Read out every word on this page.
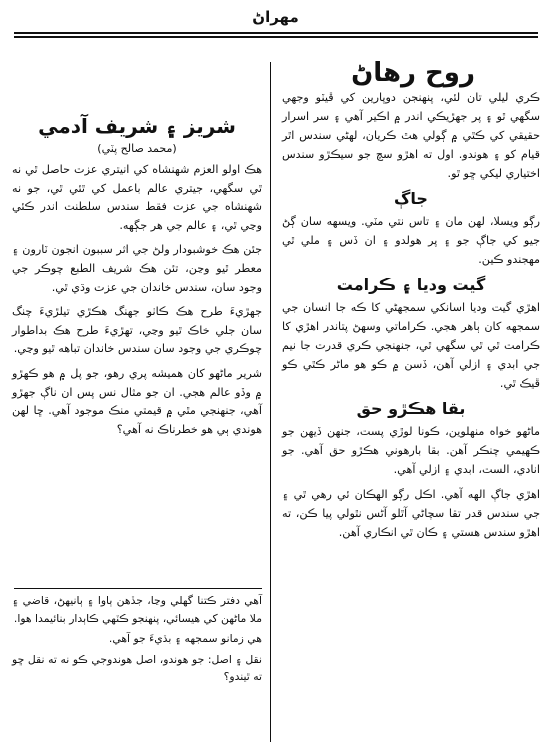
مهراڻ
روح رهاڻ

ڪري ليلي تان لئي، پنهنجن دوپارين کي ڦيٽو وجهي سگهي ٿو ۽ پر جهڙيڪي اندر ۾ اڪير آهي ۽ سر اسرار حقيقي کي ڪٿي ۾ ڳولي هٿ ڪريان، لهڻي سندس اٿر قيام کو ۽ هوندو. اول ته اهڙو سچ جو سيڪڙو سندس اختياري ليکي ڇو ٿو.

جاڳ

رڳو ويسلا، لهن مان ۽ تاس نتي مٽي. ويسهه سان ڳڻ جيو کي جاڳ جو ۽ پر هولدو ۽ ان ڏس ۽ ملي ٿي مهجندو ڪين.

گيت وديا ۽ ڪرامت

اهڙي گيت وديا اسانکي سمجهڻي کا ڪه جا انسان جي سمجهه کان ٻاهر هجي. ڪراماتي وسهڻ پتاندر اهڙي کا ڪرامت ٿي ٿي سگهي ٿي، جنهنجي ڪري قدرت جا نيم جي ابدي ۽ ازلي آهن، ڏسن ۾ ڪو هو ماڻر ڪٿي ڪو ڦيڪ ٿي.

بقا هڪڙو حق

ماڻهو خواه منهلوين، ڪونا لوڙي پست، جنهن ڏيهن جو ڪهيمي چنڪر آهن. بقا بارهوني هڪڙو حق آهي. جو انادي، الست، ابدي ۽ ازلي آهي.

اهڙي جاڳ الهه آهي. اڪل رڳو الهڪان ئي رهي ٿي ۽ جي سندس قدر تقا سچاڻي آٿلو آڻس نٿولي پيا ڪن، ته اهڙو سندس هستي ۽ ڪان ٿي انڪاري آهن.

شريز ۽ شريف آدمي
(محمد صالح پٽي)

هڪ اولو العزم شهنشاه کي انيتري عزت حاصل ٿي نه ٿي سگهي، جيتري عالم باعمل کي ٿئي ٿي، جو نه شهنشاه جي عزت فقط سندس سلطنت اندر ڪئي وڃي ٿي، ۽ عالم جي هر جڳهه.

جئن هڪ خوشبودار ولڻ جي اثر سببون انجون ٽارون ۽ معطر ٿيو وڃن، تئن هڪ شريف الطبع چوڪر جي وجود سان، سندس خاندان جي عزت وڌي ٿي.

جهڙيءَ طرح هڪ ڪاٺو جهنگ هڪڙي تيلڙيءَ چنگ سان جلي خاڪ ٿيو وڃي، تهڙيءَ طرح هڪ بداطوار چوڪري جي وجود سان سندس خاندان تباهه ٿيو وڃي.

شرير ماڻهو کان هميشه پري رهو، جو پل ۾ هو ڪهڙو ۾ وڏو عالم هجي. ان جو مثال نس پس ان ناڳ جهڙو آهي، جنهنجي مٿي ۾ قيمتي منڪ موجود آهي. ڇا لهن هوندي ٻي هو خطرناڪ نه آهي؟

آهي دفتر ڪتنا گهلي وڃا، جڏهن ٻاوا ۽ ٻانيهڻ، قاضي ۽ ملا ماڻهن کي هيسائي، پنهنجو ڪٽهي ڪاٻدار بنائيمدا هوا.

هي زمانو سمجهه ۽ بڌيءَ جو آهي.

نقل ۽ اصل: جو هوندو، اصل هوندوجي ڪو نه ته نقل ڇو ته ٿيندو؟
